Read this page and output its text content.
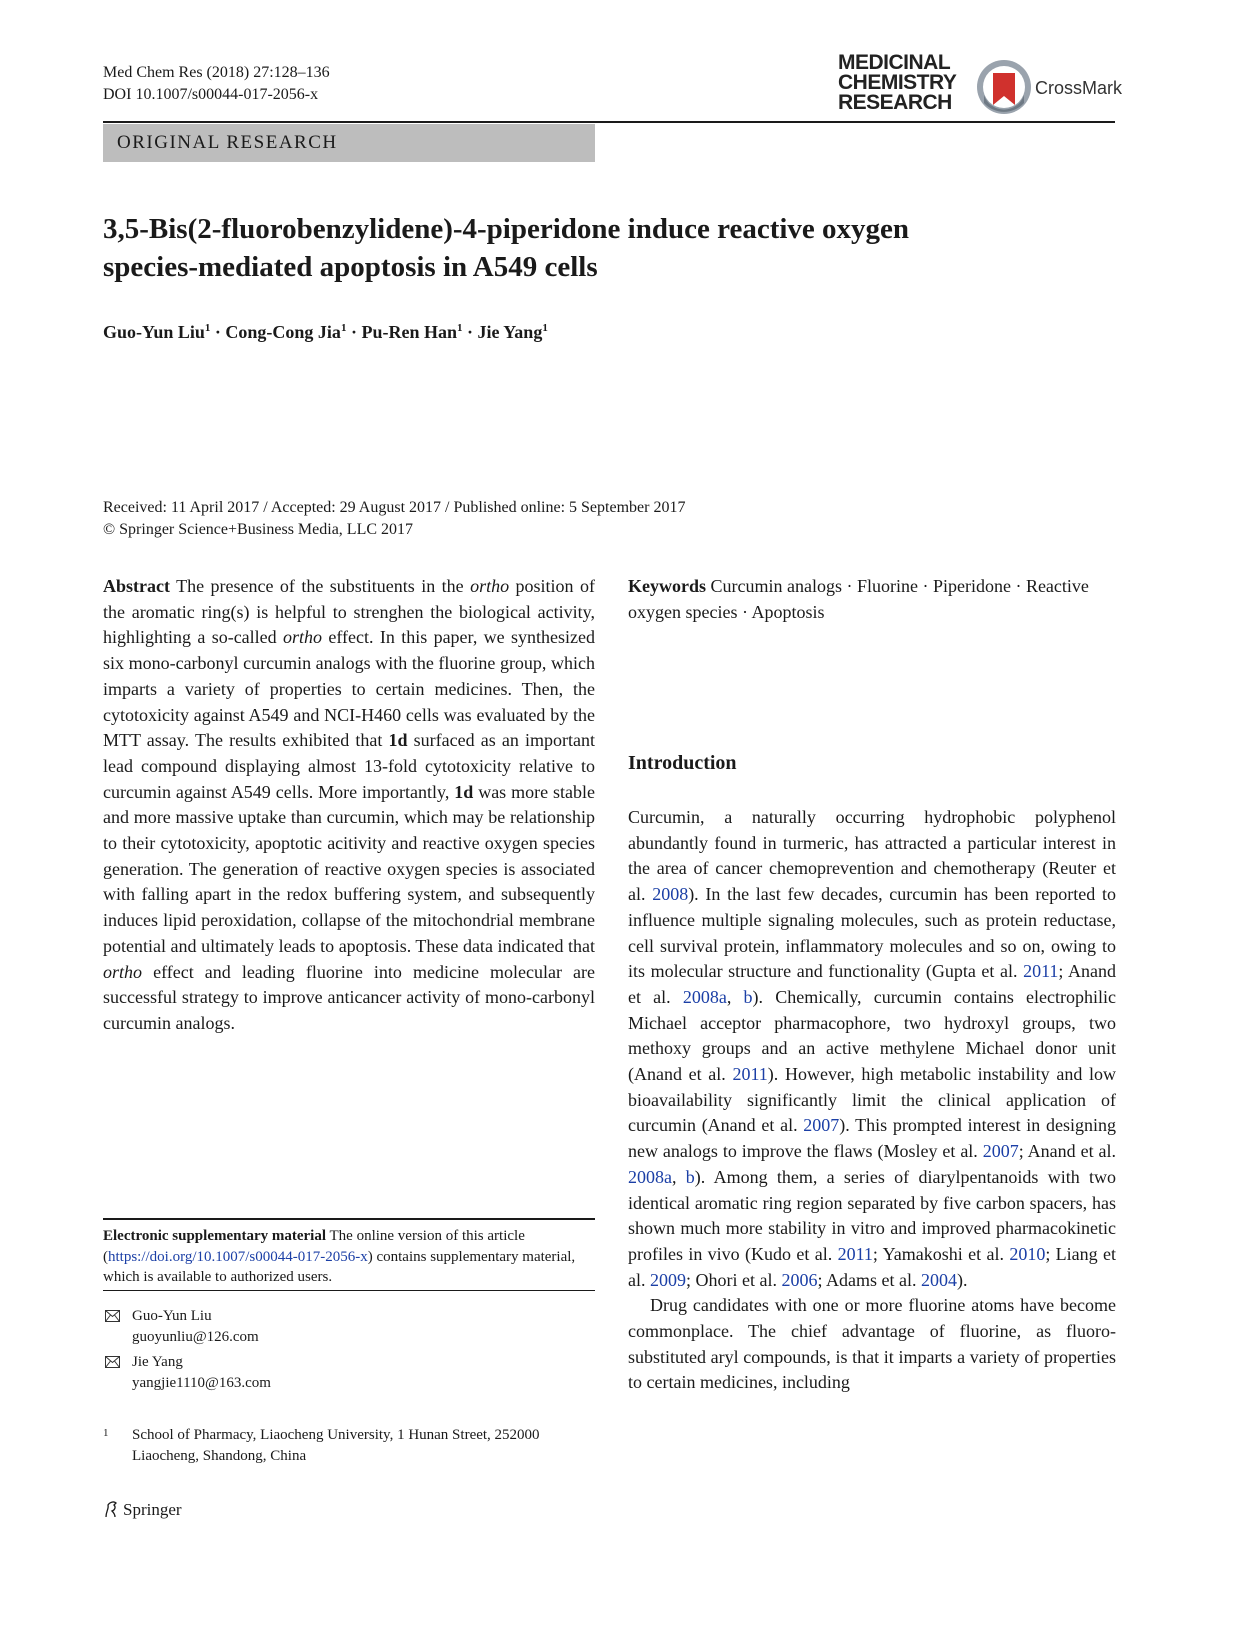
Med Chem Res (2018) 27:128–136
DOI 10.1007/s00044-017-2056-x
MEDICINAL
CHEMISTRY
RESEARCH
CrossMark
ORIGINAL RESEARCH
3,5-Bis(2-fluorobenzylidene)-4-piperidone induce reactive oxygen
species-mediated apoptosis in A549 cells
Guo-Yun Liu$^1$ · Cong-Cong Jia$^1$ · Pu-Ren Han$^1$ · Jie Yang$^1$
Received: 11 April 2017 / Accepted: 29 August 2017 / Published online: 5 September 2017
© Springer Science+Business Media, LLC 2017
Abstract The presence of the substituents in the ortho position of the aromatic ring(s) is helpful to strenghen the biological activity, highlighting a so-called ortho effect. In this paper, we synthesized six mono-carbonyl curcumin analogs with the fluorine group, which imparts a variety of properties to certain medicines. Then, the cytotoxicity against A549 and NCI-H460 cells was evaluated by the MTT assay. The results exhibited that 1d surfaced as an important lead compound displaying almost 13-fold cytotoxicity relative to curcumin against A549 cells. More importantly, 1d was more stable and more massive uptake than curcumin, which may be relationship to their cytotoxicity, apoptotic acitivity and reactive oxygen species generation. The generation of reactive oxygen species is associated with falling apart in the redox buffering system, and subsequently induces lipid peroxidation, collapse of the mitochondrial membrane potential and ultimately leads to apoptosis. These data indicated that ortho effect and leading fluorine into medicine molecular are successful strategy to improve anticancer activity of mono-carbonyl curcumin analogs.
Keywords Curcumin analogs · Fluorine · Piperidone · Reactive oxygen species · Apoptosis
Introduction

Curcumin, a naturally occurring hydrophobic polyphenol abundantly found in turmeric, has attracted a particular interest in the area of cancer chemoprevention and chemotherapy (Reuter et al. 2008). In the last few decades, curcumin has been reported to influence multiple signaling molecules, such as protein reductase, cell survival protein, inflammatory molecules and so on, owing to its molecular structure and functionality (Gupta et al. 2011; Anand et al. 2008a, b). Chemically, curcumin contains electrophilic Michael acceptor pharmacophore, two hydroxyl groups, two methoxy groups and an active methylene Michael donor unit (Anand et al. 2011). However, high metabolic instability and low bioavailability significantly limit the clinical application of curcumin (Anand et al. 2007). This prompted interest in designing new analogs to improve the flaws (Mosley et al. 2007; Anand et al. 2008a, b). Among them, a series of diarylpentanoids with two identical aromatic ring region separated by five carbon spacers, has shown much more stability in vitro and improved pharmacokinetic profiles in vivo (Kudo et al. 2011; Yamakoshi et al. 2010; Liang et al. 2009; Ohori et al. 2006; Adams et al. 2004).

Drug candidates with one or more fluorine atoms have become commonplace. The chief advantage of fluorine, as fluoro-substituted aryl compounds, is that it imparts a variety of properties to certain medicines, including

Electronic supplementary material The online version of this article (https://doi.org/10.1007/s00044-017-2056-x) contains supplementary material, which is available to authorized users.
Guo-Yun Liu
guoyunliu@126.com
Jie Yang
yangjie1110@163.com
1	School of Pharmacy, Liaocheng University, 1 Hunan Street, 252000 Liaocheng, Shandong, China
Springer
